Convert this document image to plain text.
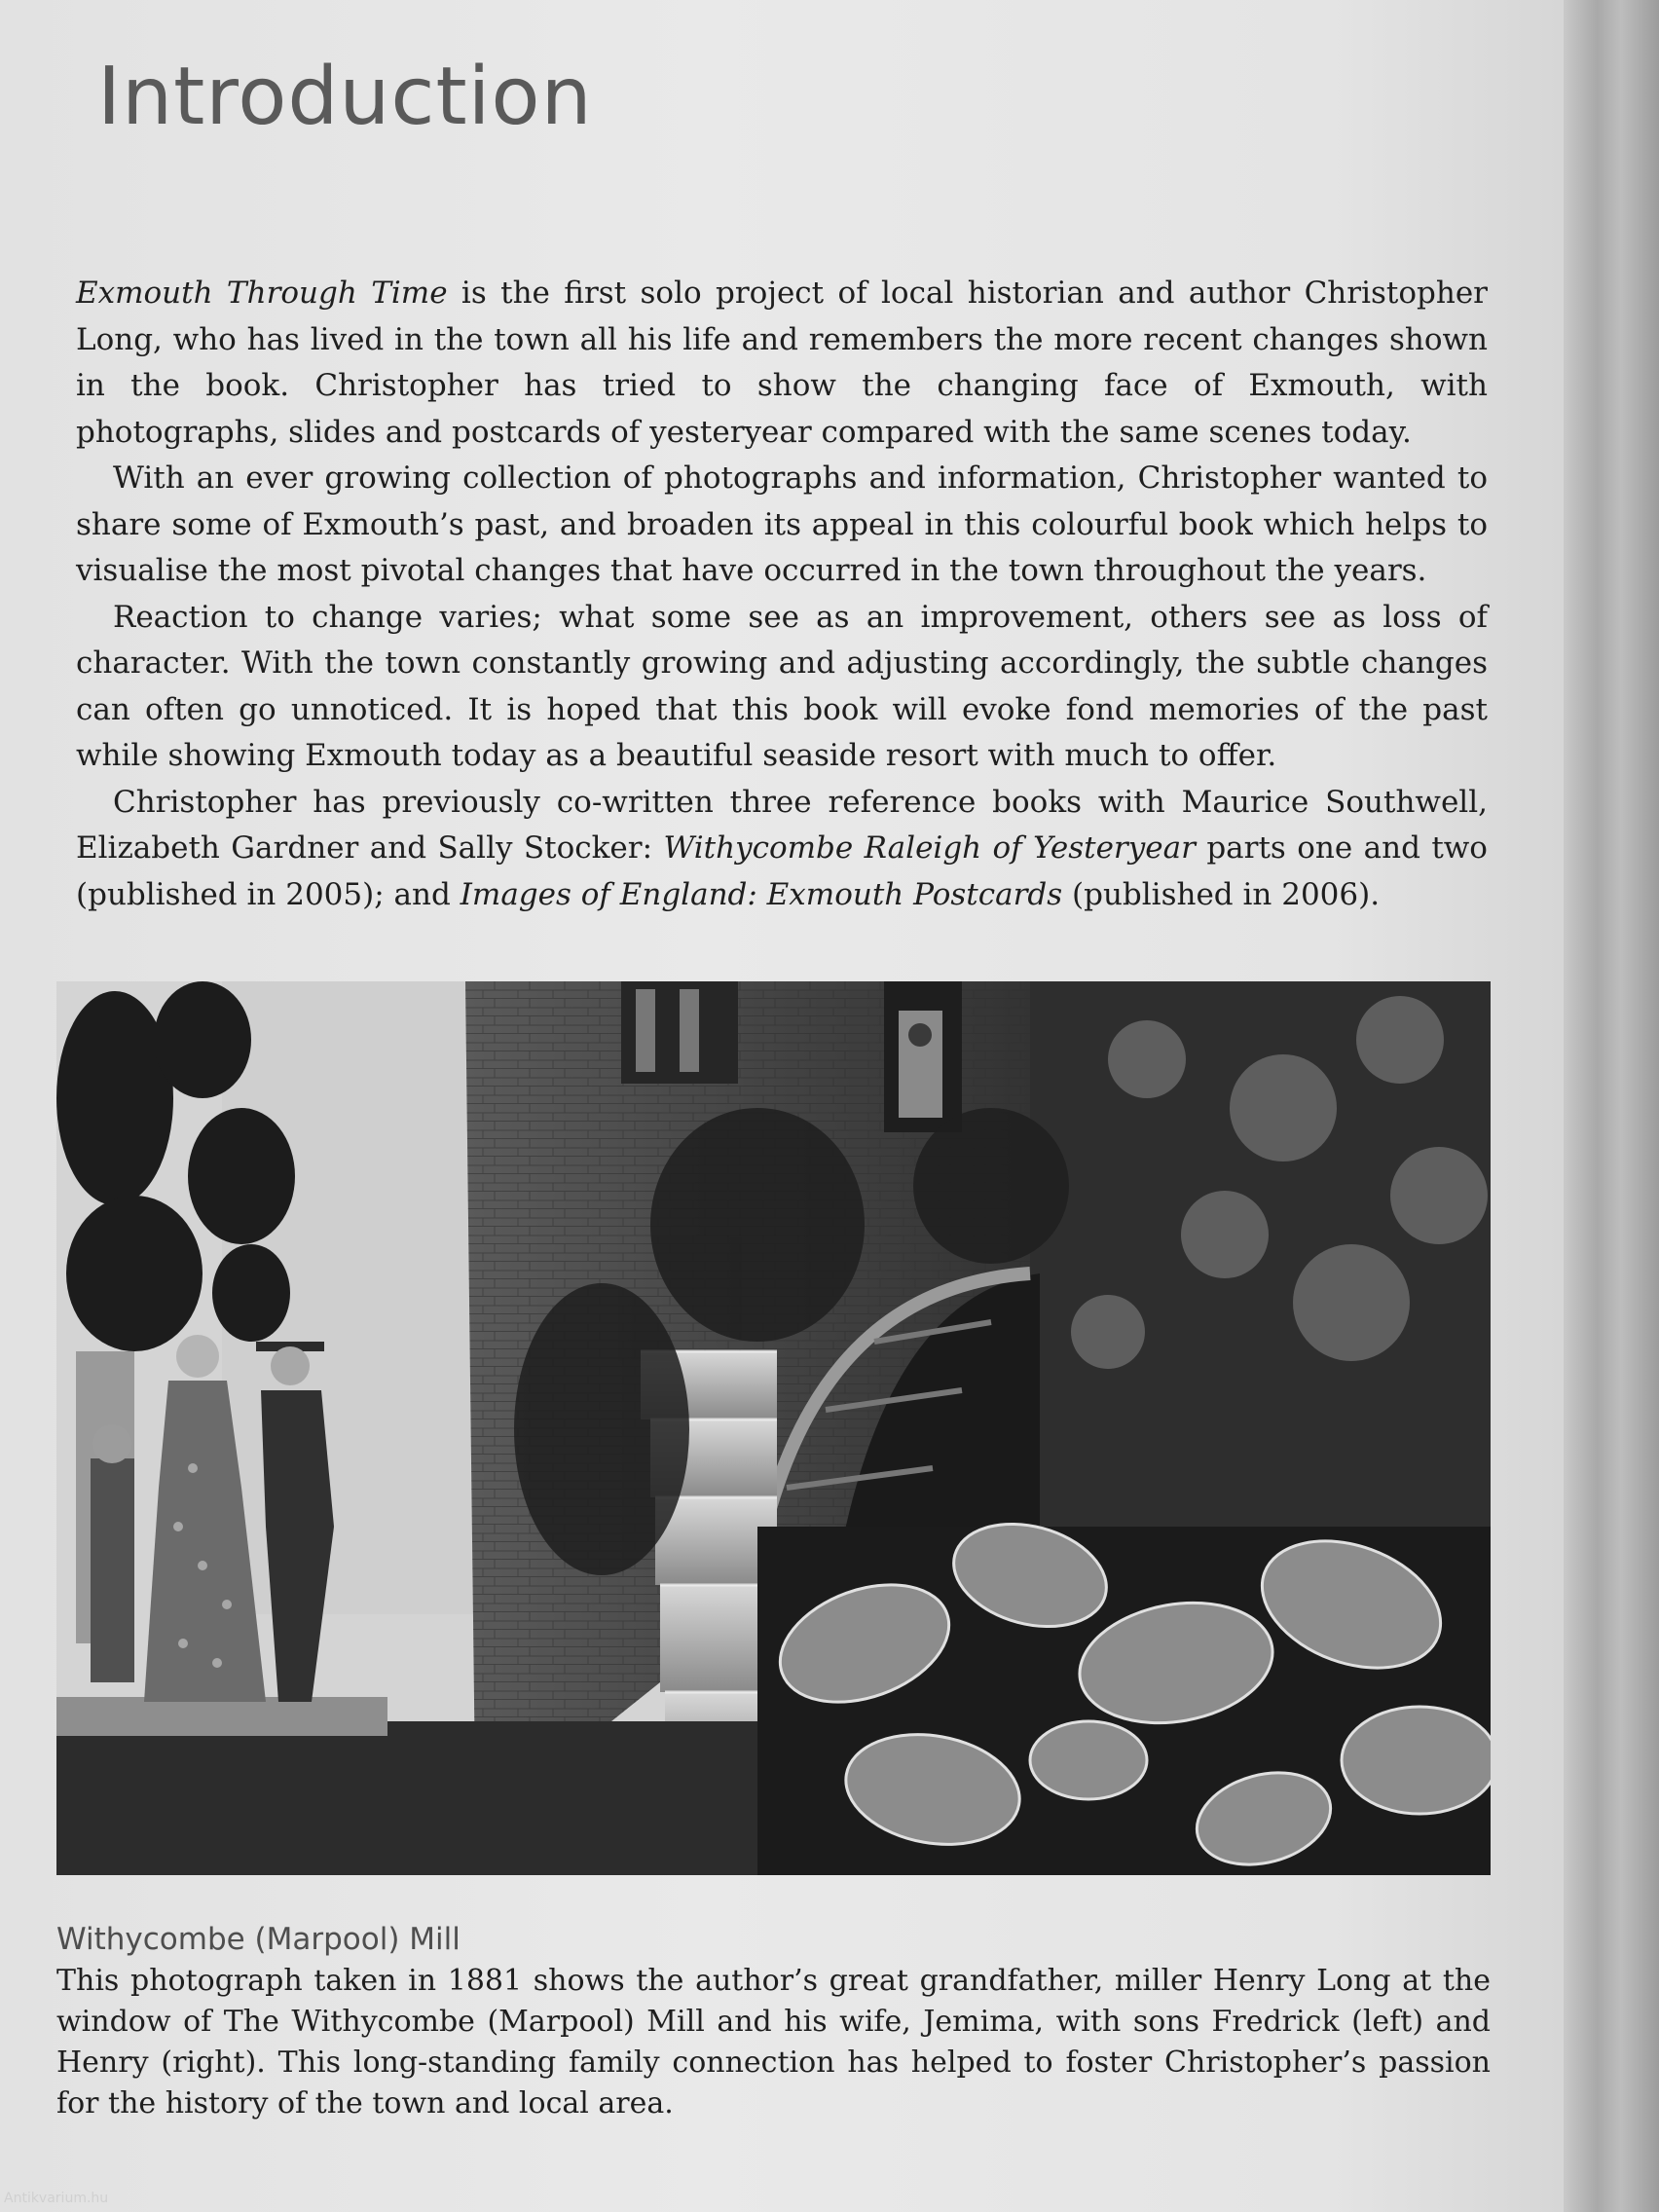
Introduction

Exmouth Through Time is the first solo project of local historian and author Christopher Long, who has lived in the town all his life and remembers the more recent changes shown in the book. Christopher has tried to show the changing face of Exmouth, with photographs, slides and postcards of yesteryear compared with the same scenes today.

With an ever growing collection of photographs and information, Christopher wanted to share some of Exmouth’s past, and broaden its appeal in this colourful book which helps to visualise the most pivotal changes that have occurred in the town throughout the years.

Reaction to change varies; what some see as an improvement, others see as loss of character. With the town constantly growing and adjusting accordingly, the subtle changes can often go unnoticed. It is hoped that this book will evoke fond memories of the past while showing Exmouth today as a beautiful seaside resort with much to offer.

Christopher has previously co-written three reference books with Maurice Southwell, Elizabeth Gardner and Sally Stocker: Withycombe Raleigh of Yesteryear parts one and two (published in 2005); and Images of England: Exmouth Postcards (published in 2006).

Withycombe (Marpool) Mill

This photograph taken in 1881 shows the author’s great grandfather, miller Henry Long at the window of The Withycombe (Marpool) Mill and his wife, Jemima, with sons Fredrick (left) and Henry (right). This long-standing family connection has helped to foster Christopher’s passion for the history of the town and local area.

Antikvarium.hu
